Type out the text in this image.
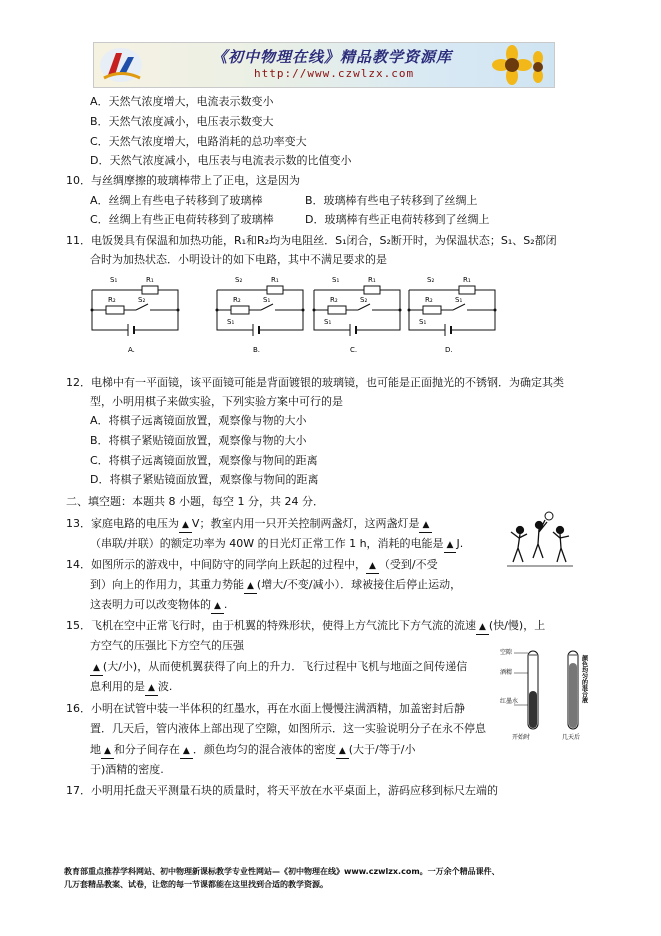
《初中物理在线》精品教学资源库
http://www.czwlzx.com
A．天然气浓度增大，电流表示数变小
B．天然气浓度减小，电压表示数变大
C．天然气浓度增大，电路消耗的总功率变大
D．天然气浓度减小，电压表与电流表示数的比值变小
10．与丝绸摩擦的玻璃棒带上了正电，这是因为
A．丝绸上有些电子转移到了玻璃棒	B．玻璃棒有些电子转移到了丝绸上
C．丝绸上有些正电荷转移到了玻璃棒	D．玻璃棒有些正电荷转移到了丝绸上
11．电饭煲具有保温和加热功能，R₁和R₂均为电阻丝．S₁闭合，S₂断开时，为保温状态；S₁、S₂都闭
合时为加热状态．小明设计的如下电路，其中不满足要求的是
12．电梯中有一平面镜，该平面镜可能是背面镀银的玻璃镜，也可能是正面抛光的不锈钢．为确定其类
型，小明用棋子来做实验，下列实验方案中可行的是
A．将棋子远离镜面放置，观察像与物的大小
B．将棋子紧贴镜面放置，观察像与物的大小
C．将棋子远离镜面放置，观察像与物间的距离
D．将棋子紧贴镜面放置，观察像与物间的距离
二、填空题：本题共 8 小题，每空 1 分，共 24 分．
17．小明用托盘天平测量石块的质量时，将天平放在水平桌面上，游码应移到标尺左端的
13．家庭电路的电压为 ▲ V；教室内用一只开关控制两盏灯，这两盏灯是 ▲
（串联/并联）的额定功率为 40W 的日光灯正常工作 1 h，消耗的电能是 ▲ J.
14．如图所示的游戏中，中间防守的同学向上跃起的过程中， ▲ （受到/不受
到）向上的作用力，其重力势能 ▲ (增大/不变/减小）．球被接住后停止运动，
这表明力可以改变物体的 ▲ .
15．飞机在空中正常飞行时，由于机翼的特殊形状，使得上方气流比下方气流的流速 ▲ (快/慢)，上
方空气的压强比下方空气的压强
▲ (大/小)，从而使机翼获得了向上的升力．飞行过程中飞机与地面之间传递信
息利用的是 ▲ 波.
16．小明在试管中装一半体积的红墨水，再在水面上慢慢注满酒精，加盖密封后静
置．几天后，管内液体上部出现了空隙，如图所示．这一实验说明分子在永不停息
地 ▲ 和分子间存在 ▲ ．颜色均匀的混合液体的密度 ▲ (大于/等于/小
于)酒精的密度.
S₁	R₁
R₂	S₂
A.
S₂	R₁
R₂	S₁
S₁
B.
S₁	R₁
R₂	S₂
S₁
C.
S₂	R₁
R₂	S₁
S₁
D.
空隙
酒精
红墨水	颜色均匀的混合液
开始时	几天后
教育部重点推荐学科网站、初中物理新课标教学专业性网站—《初中物理在线》www.czwlzx.com。一万余个精品课件、
几万套精品教案、试卷，让您的每一节课都能在这里找到合适的教学资源。
